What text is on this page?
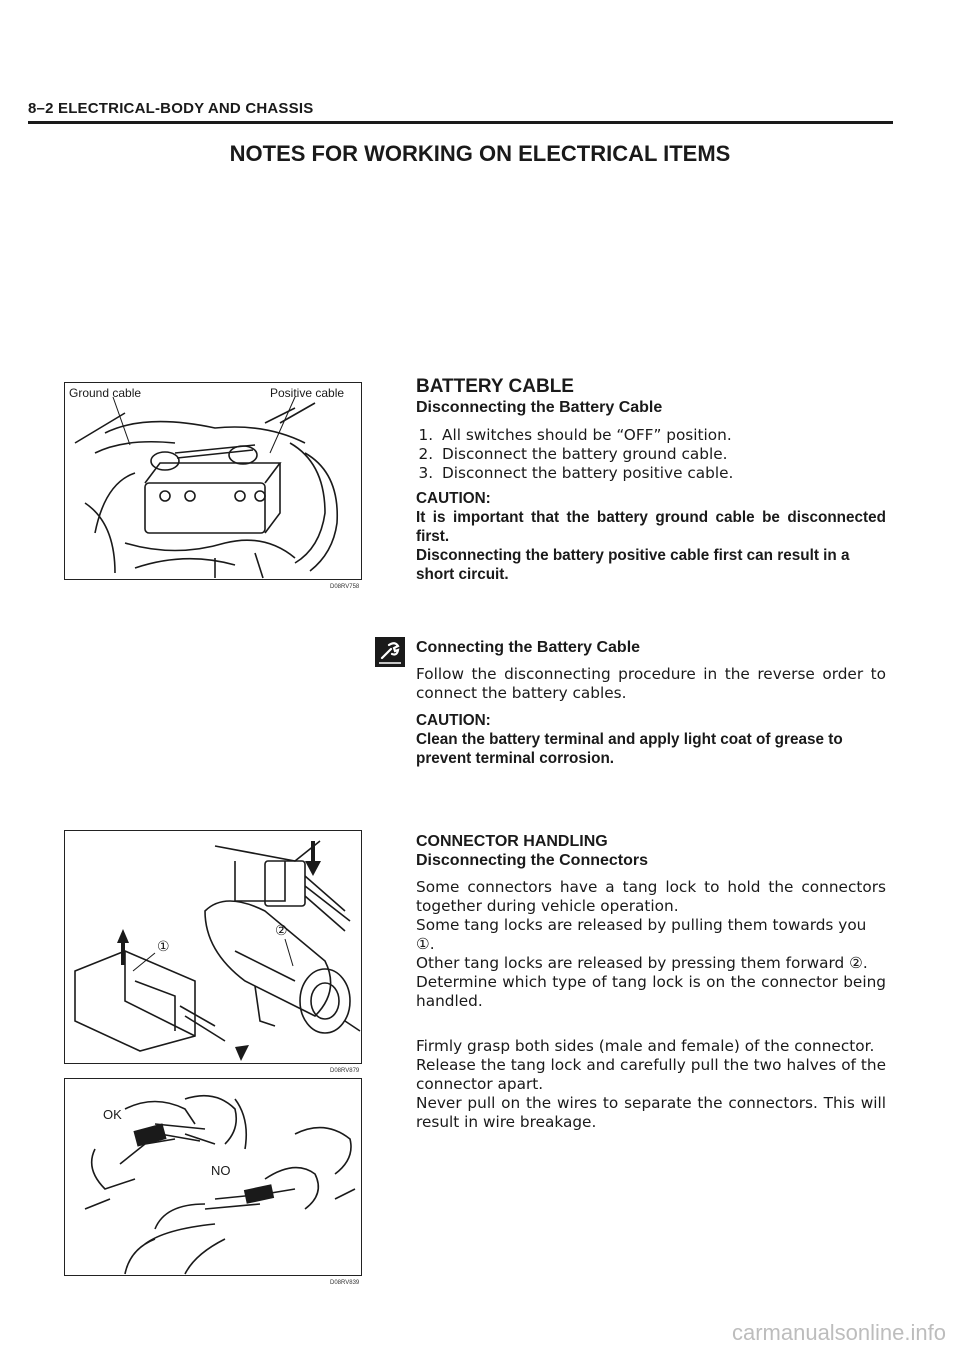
8–2 ELECTRICAL-BODY AND CHASSIS
NOTES FOR WORKING ON ELECTRICAL ITEMS
Ground cable	Positive cable
D08RV758
①
②
D08RV879
OK
NO
D08RV839
BATTERY CABLE
Disconnecting the Battery Cable
1. All switches should be “OFF” position.
2. Disconnect the battery ground cable.
3. Disconnect the battery positive cable.

CAUTION:

It is important that the battery ground cable be disconnected first.

Disconnecting the battery positive cable first can result in a short circuit.

Connecting the Battery Cable

Follow the disconnecting procedure in the reverse order to connect the battery cables.

CAUTION:

Clean the battery terminal and apply light coat of grease to prevent terminal corrosion.

CONNECTOR HANDLING

Disconnecting the Connectors

Some connectors have a tang lock to hold the connectors together during vehicle operation.

Some tang locks are released by pulling them towards you ①.

Other tang locks are released by pressing them forward ②.

Determine which type of tang lock is on the connector being handled.

Firmly grasp both sides (male and female) of the connector.

Release the tang lock and carefully pull the two halves of the connector apart.

Never pull on the wires to separate the connectors. This will result in wire breakage.

carmanualsonline.info
